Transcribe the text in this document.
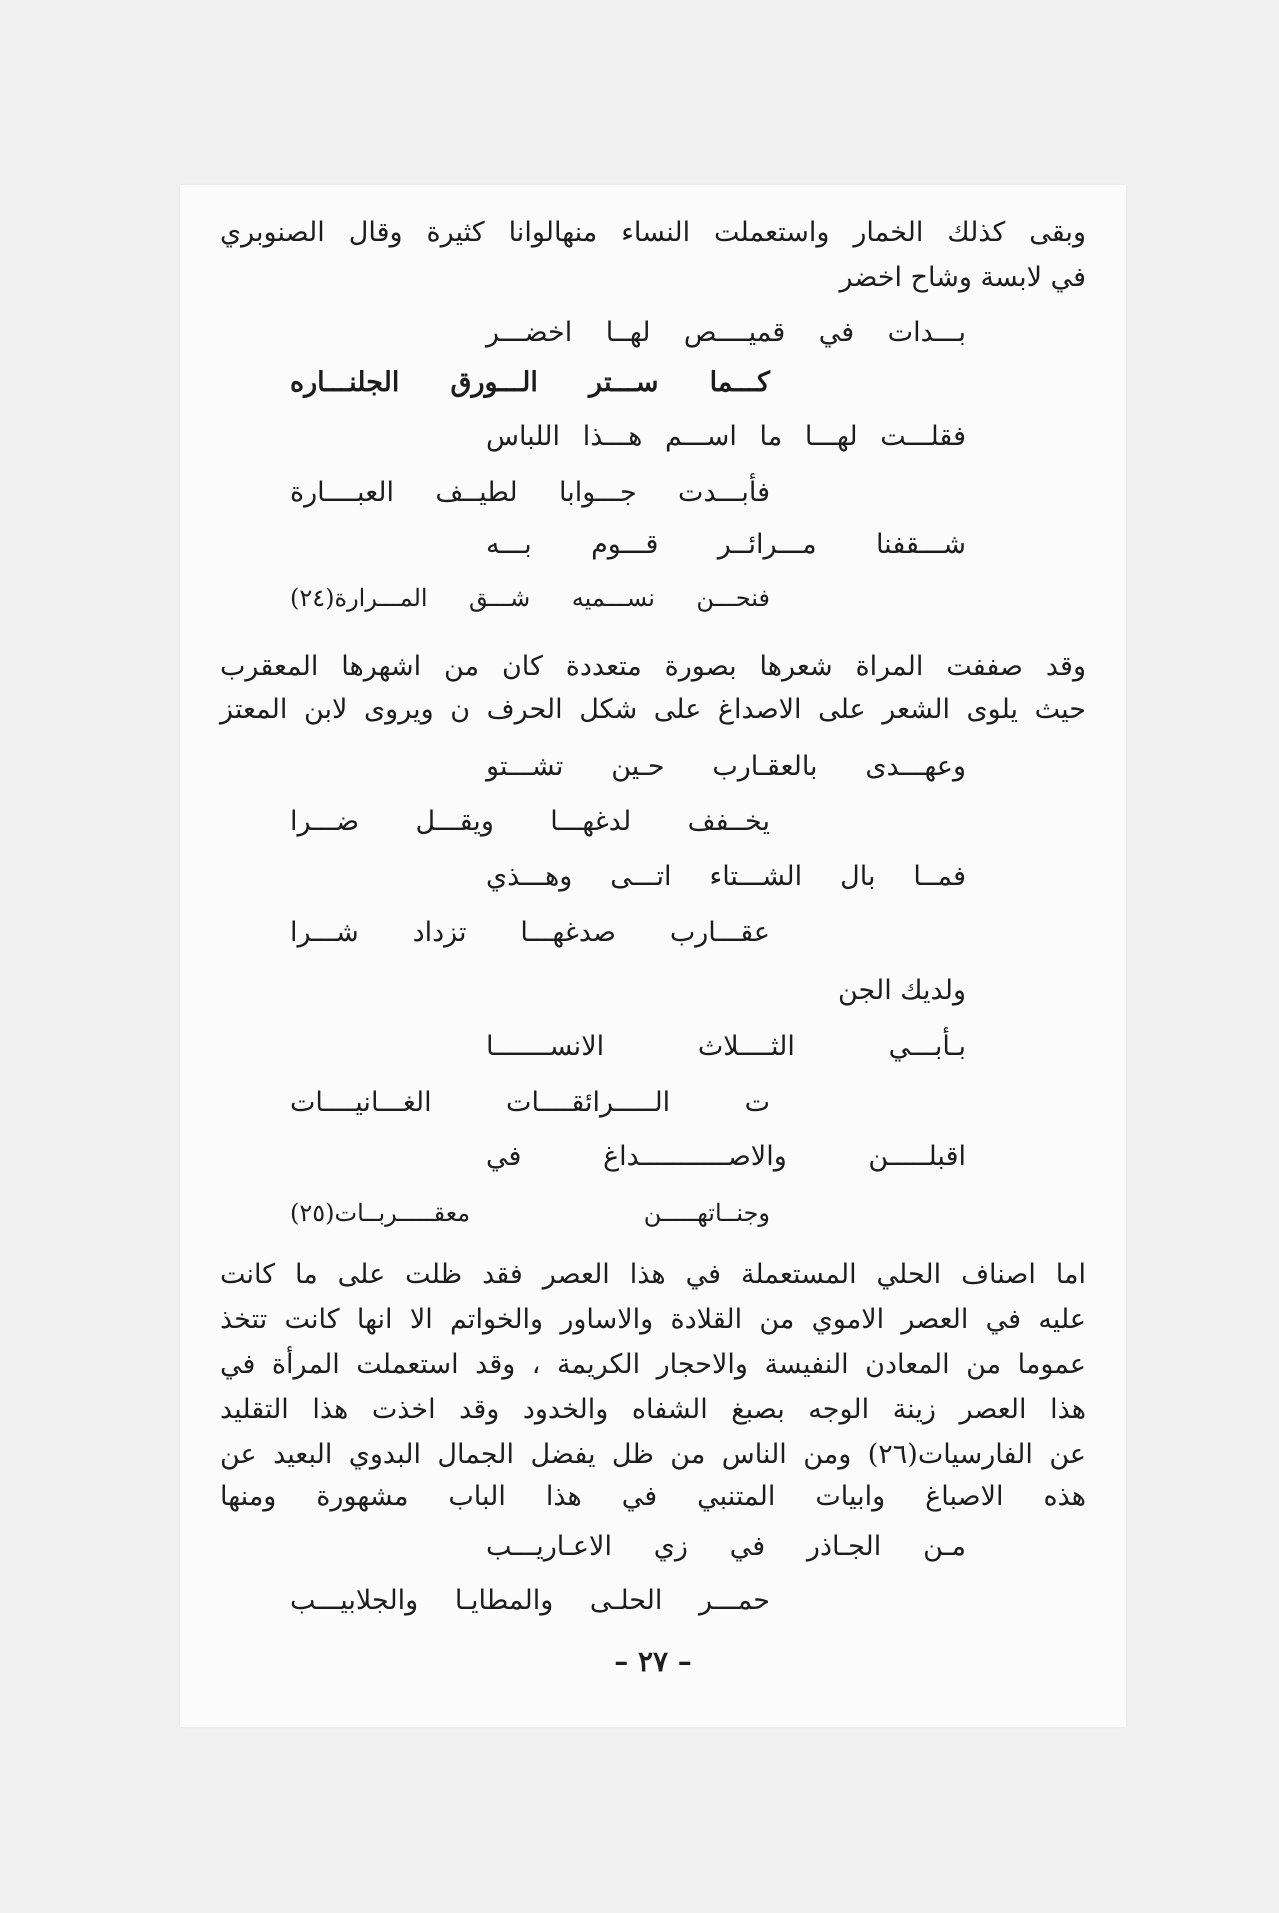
وبقى كذلك الخمار واستعملت النساء منهالوانا كثيرة وقال الصنوبري

في لابسة وشاح اخضر

بـــدات في قميــــص لهــا اخضـــر

كـــما ســـتر الـــورق الجلنـــاره

فقلـــت لهـــا ما اســـم هـــذا اللباس

فأبـــدت جـــوابا لطيــف العبــــارة

شـــقفنا مـــرائــر قـــوم بـــه

فنحـــن نســـميه شـــق المـــرارة(٢٤)

وقد صففت المراة شعرها بصورة متعددة كان من اشهرها المعقرب

حيث يلوى الشعر على الاصداغ على شكل الحرف ن ويروى لابن المعتز

وعهـــدى بالعقـارب حـين تشـــتو

يخــفف لدغهـــا ويقـــل ضـــرا

فمــا بال الشـــتاء اتـــى وهـــذي

عقـــارب صدغهـــا تزداد شـــرا

ولديك الجن

بـأبـــي الثــــلاث الانســـــــا

ت الـــــرائقــــات الغـــانيــــات

اقبلـــــن والاصـــــــــــداغ في

وجنــاتهـــــن معقـــــربــات(٢٥)

اما اصناف الحلي المستعملة في هذا العصر فقد ظلت على ما كانت

عليه في العصر الاموي من القلادة والاساور والخواتم الا انها كانت تتخذ

عموما من المعادن النفيسة والاحجار الكريمة ، وقد استعملت المرأة في

هذا العصر زينة الوجه بصبغ الشفاه والخدود وقد اخذت هذا التقليد

عن الفارسيات(٢٦) ومن الناس من ظل يفضل الجمال البدوي البعيد عن

هذه الاصباغ وابيات المتنبي في هذا الباب مشهورة ومنها

مـن الجـاذر في زي الاعـاريـــب

حمـــر الحلـى والمطايـا والجلابيـــب

– ٢٧ –
